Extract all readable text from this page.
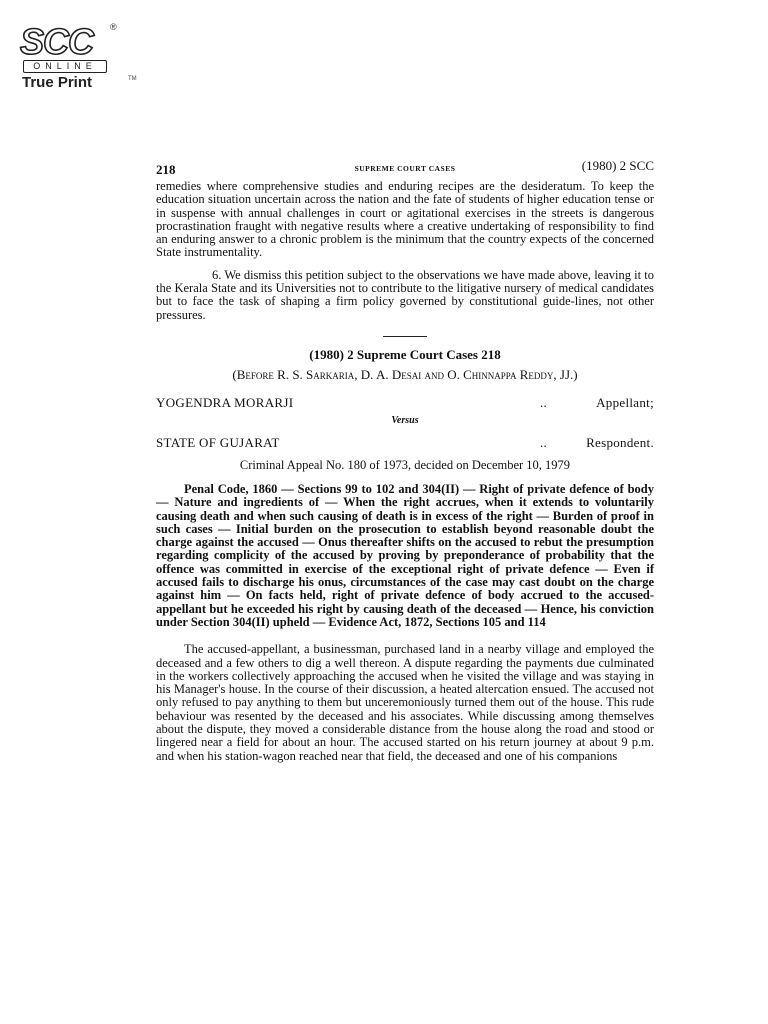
SCC ®
ONLINE
True Print	TM
218	SUPREME COURT CASES	(1980) 2 SCC

remedies where comprehensive studies and enduring recipes are the desideratum. To keep the education situation uncertain across the nation and the fate of students of higher education tense or in suspense with annual challenges in court or agitational exercises in the streets is dangerous procrastination fraught with negative results where a creative undertaking of responsibility to find an enduring answer to a chronic problem is the minimum that the country expects of the concerned State instrumentality.

6. We dismiss this petition subject to the observations we have made above, leaving it to the Kerala State and its Universities not to contribute to the litigative nursery of medical candidates but to face the task of shaping a firm policy governed by constitutional guide-lines, not other pressures.

(1980) 2 Supreme Court Cases 218
(Before R. S. Sarkaria, D. A. Desai and O. Chinnappa Reddy, JJ.)
YOGENDRA MORARJI	..	Appellant;
Versus
STATE OF GUJARAT	..	Respondent.
Criminal Appeal No. 180 of 1973, decided on December 10, 1979

Penal Code, 1860 — Sections 99 to 102 and 304(II) — Right of private defence of body — Nature and ingredients of — When the right accrues, when it extends to voluntarily causing death and when such causing of death is in excess of the right — Burden of proof in such cases — Initial burden on the prosecution to establish beyond reasonable doubt the charge against the accused — Onus thereafter shifts on the accused to rebut the presumption regarding complicity of the accused by proving by preponderance of probability that the offence was committed in exercise of the exceptional right of private defence — Even if accused fails to discharge his onus, circumstances of the case may cast doubt on the charge against him — On facts held, right of private defence of body accrued to the accused-appellant but he exceeded his right by causing death of the deceased — Hence, his conviction under Section 304(II) upheld — Evidence Act, 1872, Sections 105 and 114

The accused-appellant, a businessman, purchased land in a nearby village and employed the deceased and a few others to dig a well thereon. A dispute regarding the payments due culminated in the workers collectively approaching the accused when he visited the village and was staying in his Manager's house. In the course of their discussion, a heated altercation ensued. The accused not only refused to pay anything to them but unceremoniously turned them out of the house. This rude behaviour was resented by the deceased and his associates. While discussing among themselves about the dispute, they moved a considerable distance from the house along the road and stood or lingered near a field for about an hour. The accused started on his return journey at about 9 p.m. and when his station-wagon reached near that field, the deceased and one of his companions
